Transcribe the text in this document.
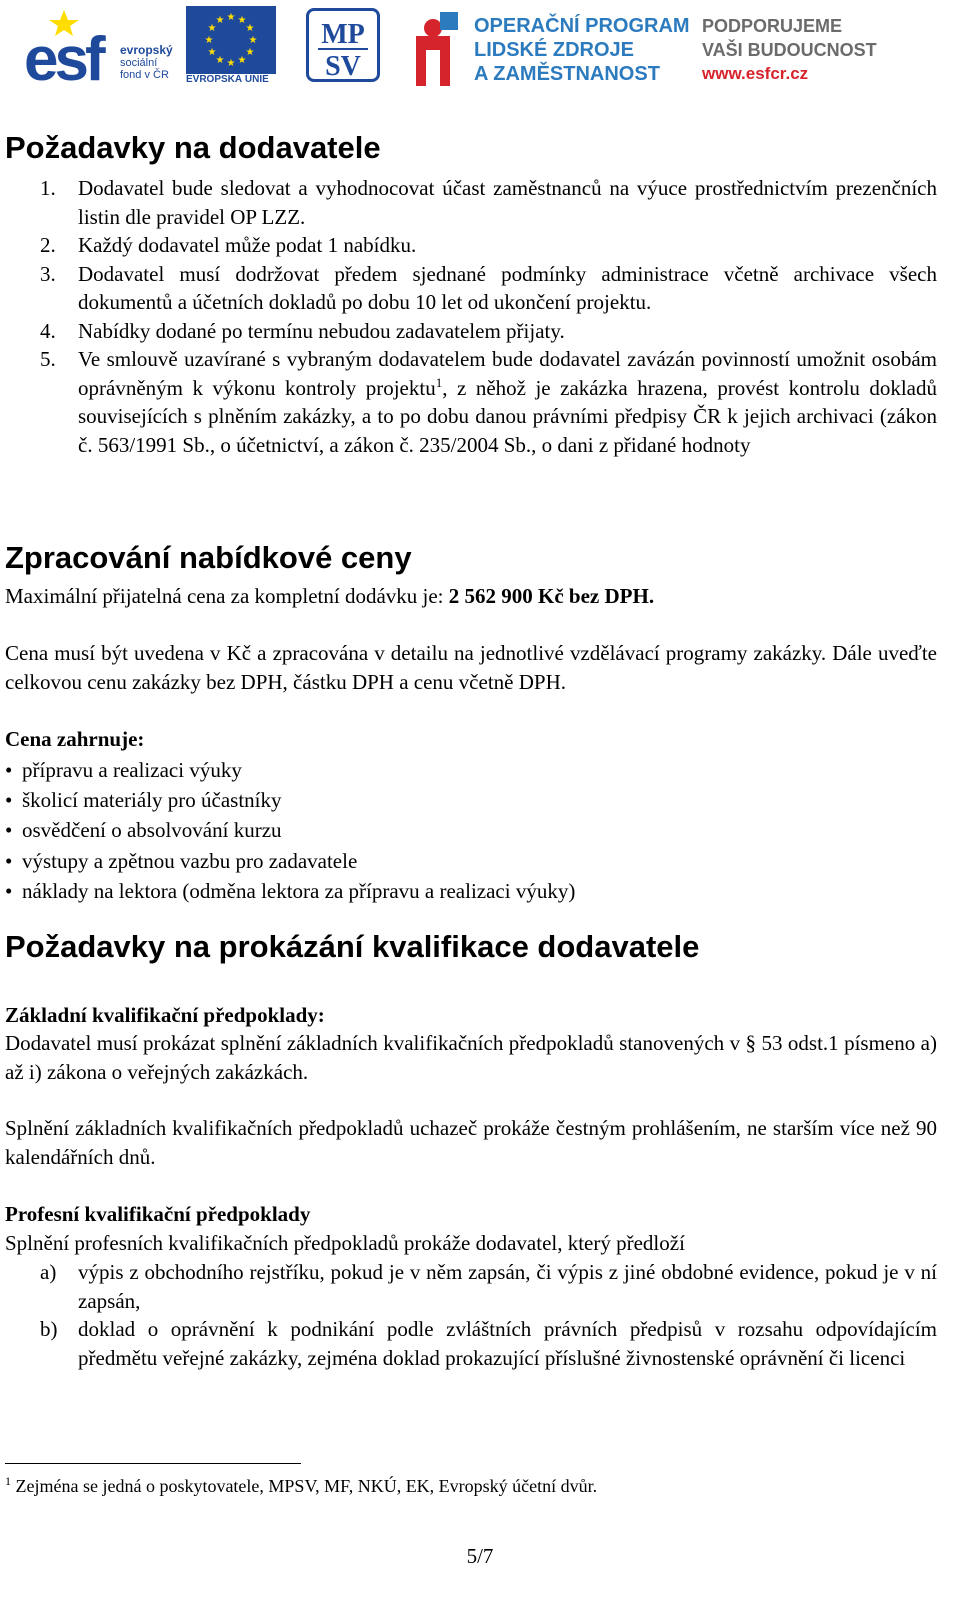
esf	evropský
sociální
fond v ČR
★ ★
★
★
★
★
★
★
★
★
★
★
EVROPSKÁ UNIE
MP
SV
OPERAČNÍ PROGRAM
LIDSKÉ ZDROJE
A ZAMĚSTNANOST
PODPORUJEME
VAŠI BUDOUCNOST
www.esfcr.cz
Požadavky na dodavatele
1. Dodavatel bude sledovat a vyhodnocovat účast zaměstnanců na výuce prostřednictvím prezenčních listin dle pravidel OP LZZ.
2. Každý dodavatel může podat 1 nabídku.
3. Dodavatel musí dodržovat předem sjednané podmínky administrace včetně archivace všech dokumentů a účetních dokladů po dobu 10 let od ukončení projektu.
4. Nabídky dodané po termínu nebudou zadavatelem přijaty.
5. Ve smlouvě uzavírané s vybraným dodavatelem bude dodavatel zavázán povinností umožnit osobám oprávněným k výkonu kontroly projektu$^1$, z něhož je zakázka hrazena, provést kontrolu dokladů souvisejících s plněním zakázky, a to po dobu danou právními předpisy ČR k jejich archivaci (zákon č. 563/1991 Sb., o účetnictví, a zákon č. 235/2004 Sb., o dani z přidané hodnoty
Zpracování nabídkové ceny
Maximální přijatelná cena za kompletní dodávku je: 2 562 900 Kč bez DPH.
Cena musí být uvedena v Kč a zpracována v detailu na jednotlivé vzdělávací programy zakázky. Dále uveďte celkovou cenu zakázky bez DPH, částku DPH a cenu včetně DPH.
Cena zahrnuje:
• přípravu a realizaci výuky
• školicí materiály pro účastníky
• osvědčení o absolvování kurzu
• výstupy a zpětnou vazbu pro zadavatele
• náklady na lektora (odměna lektora za přípravu a realizaci výuky)
Požadavky na prokázání kvalifikace dodavatele
Základní kvalifikační předpoklady:
Dodavatel musí prokázat splnění základních kvalifikačních předpokladů stanovených v § 53 odst.1 písmeno a) až i) zákona o veřejných zakázkách.
Splnění základních kvalifikačních předpokladů uchazeč prokáže čestným prohlášením, ne starším více než 90 kalendářních dnů.
Profesní kvalifikační předpoklady
Splnění profesních kvalifikačních předpokladů prokáže dodavatel, který předloží
a) výpis z obchodního rejstříku, pokud je v něm zapsán, či výpis z jiné obdobné evidence, pokud je v ní zapsán,
b) doklad o oprávnění k podnikání podle zvláštních právních předpisů v rozsahu odpovídajícím předmětu veřejné zakázky, zejména doklad prokazující příslušné živnostenské oprávnění či licenci
$^1$ Zejména se jedná o poskytovatele, MPSV, MF, NKÚ, EK, Evropský účetní dvůr.
5/7
